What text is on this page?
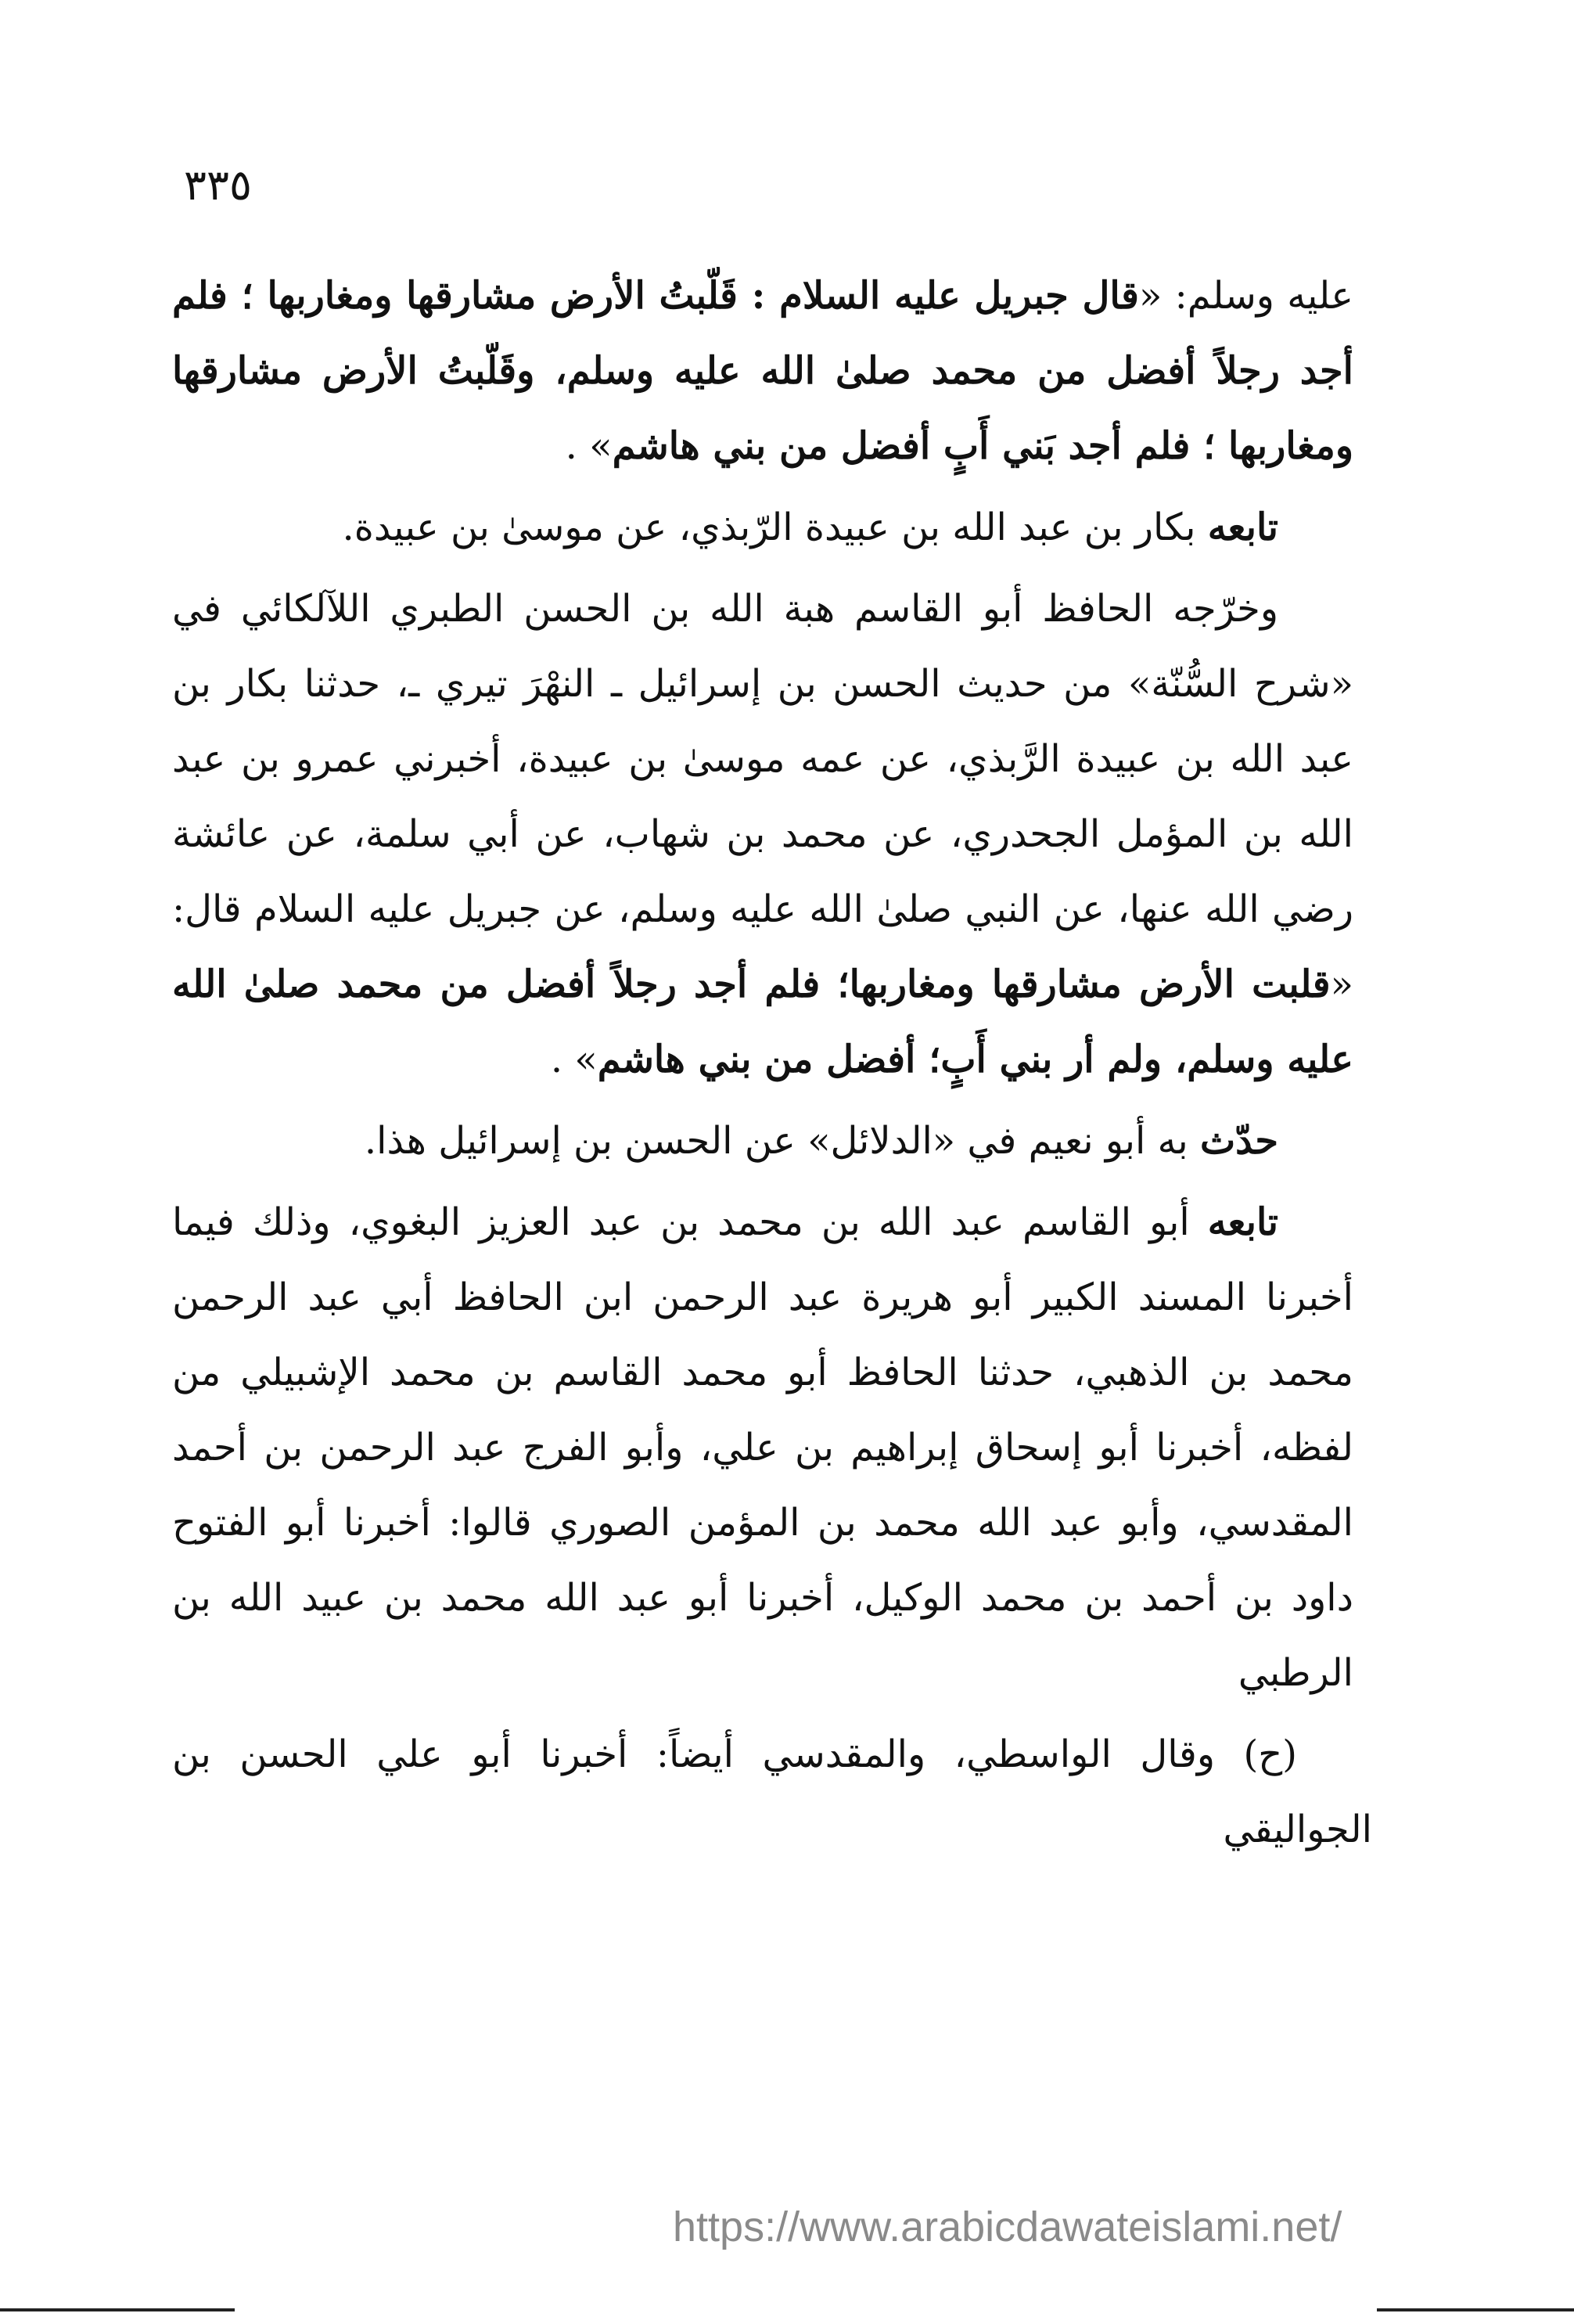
٣٣٥

عليه وسلم: «قال جبريل عليه السلام : قَلّبتُ الأرض مشارقها ومغاربها ؛ فلم أجد رجلاً أفضل من محمد صلىٰ الله عليه وسلم، وقَلّبتُ الأرض مشارقها ومغاربها ؛ فلم أجد بَني أَبٍ أفضل من بني هاشم» .

تابعه بكار بن عبد الله بن عبيدة الرّبذي، عن موسىٰ بن عبيدة.

وخرّجه الحافظ أبو القاسم هبة الله بن الحسن الطبري اللآلكائي في «شرح السُّنّة» من حديث الحسن بن إسرائيل ـ النهْرَ تيري ـ، حدثنا بكار بن عبد الله بن عبيدة الرَّبذي، عن عمه موسىٰ بن عبيدة، أخبرني عمرو بن عبد الله بن المؤمل الجحدري، عن محمد بن شهاب، عن أبي سلمة، عن عائشة رضي الله عنها، عن النبي صلىٰ الله عليه وسلم، عن جبريل عليه السلام قال: «قلبت الأرض مشارقها ومغاربها؛ فلم أجد رجلاً أفضل من محمد صلىٰ الله عليه وسلم، ولم أر بني أَبٍ؛ أفضل من بني هاشم» .

حدّث به أبو نعيم في «الدلائل» عن الحسن بن إسرائيل هذا.

تابعه أبو القاسم عبد الله بن محمد بن عبد العزيز البغوي، وذلك فيما أخبرنا المسند الكبير أبو هريرة عبد الرحمن ابن الحافظ أبي عبد الرحمن محمد بن الذهبي، حدثنا الحافظ أبو محمد القاسم بن محمد الإشبيلي من لفظه، أخبرنا أبو إسحاق إبراهيم بن علي، وأبو الفرج عبد الرحمن بن أحمد المقدسي، وأبو عبد الله محمد بن المؤمن الصوري قالوا: أخبرنا أبو الفتوح داود بن أحمد بن محمد الوكيل، أخبرنا أبو عبد الله محمد بن عبيد الله بن الرطبي

(ح) وقال الواسطي، والمقدسي أيضاً: أخبرنا أبو علي الحسن بن الجواليقي

https://www.arabicdawateislami.net/
